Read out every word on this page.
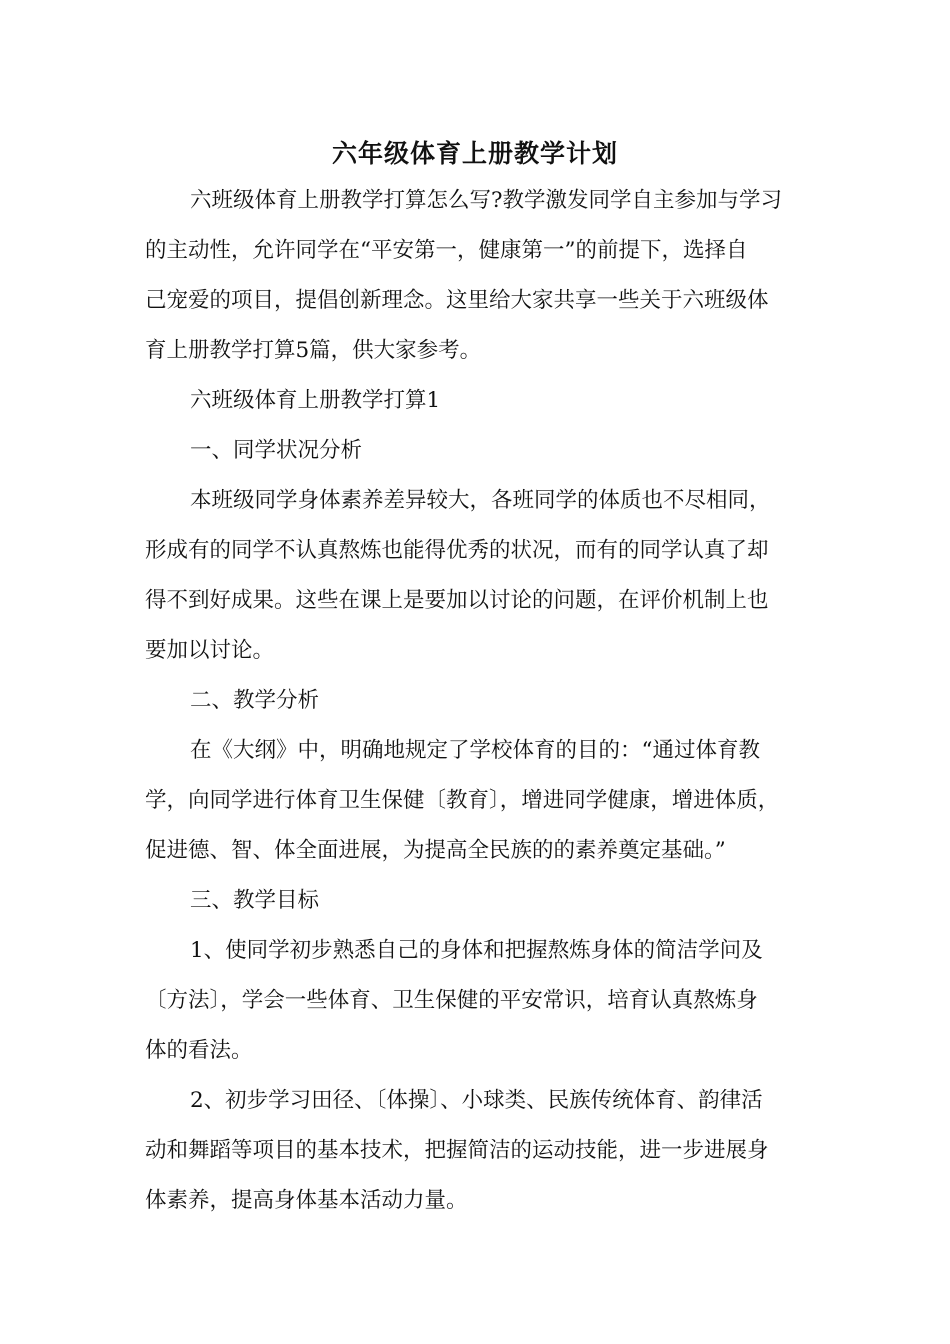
六年级体育上册教学计划
六班级体育上册教学打算怎么写?教学激发同学自主参加与学习
的主动性，允许同学在“平安第一，健康第一”的前提下，选择自
己宠爱的项目，提倡创新理念。这里给大家共享一些关于六班级体
育上册教学打算5篇，供大家参考。
六班级体育上册教学打算1
一、同学状况分析
本班级同学身体素养差异较大，各班同学的体质也不尽相同，
形成有的同学不认真熬炼也能得优秀的状况，而有的同学认真了却
得不到好成果。这些在课上是要加以讨论的问题，在评价机制上也
要加以讨论。
二、教学分析
在《大纲》中，明确地规定了学校体育的目的：“通过体育教
学，向同学进行体育卫生保健〔教育〕，增进同学健康，增进体质，
促进德、智、体全面进展，为提高全民族的的素养奠定基础。”
三、教学目标
1、使同学初步熟悉自己的身体和把握熬炼身体的简洁学问及
〔方法〕，学会一些体育、卫生保健的平安常识，培育认真熬炼身
体的看法。
2、初步学习田径、〔体操〕、小球类、民族传统体育、韵律活
动和舞蹈等项目的基本技术，把握简洁的运动技能，进一步进展身
体素养，提高身体基本活动力量。
